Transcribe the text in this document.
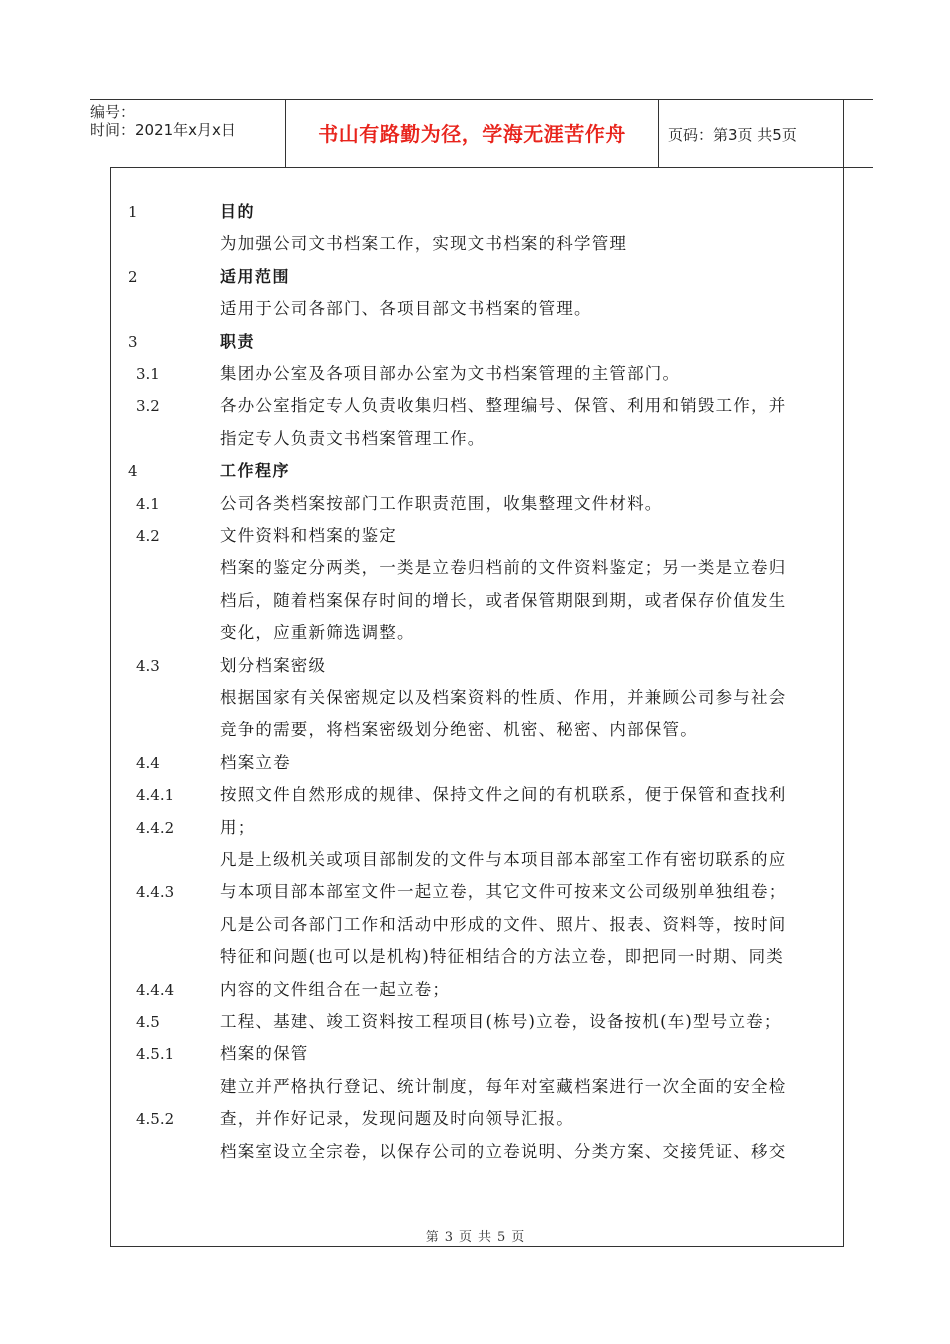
编号：
时间：2021年x月x日	书山有路勤为径，学海无涯苦作舟	页码：第3页 共5页
1	目的
为加强公司文书档案工作，实现文书档案的科学管理
2	适用范围
适用于公司各部门、各项目部文书档案的管理。
3	职责
3.1	集团办公室及各项目部办公室为文书档案管理的主管部门。
3.2	各办公室指定专人负责收集归档、整理编号、保管、利用和销毁工作，并
指定专人负责文书档案管理工作。
4	工作程序
4.1	公司各类档案按部门工作职责范围，收集整理文件材料。
4.2	文件资料和档案的鉴定
档案的鉴定分两类，一类是立卷归档前的文件资料鉴定；另一类是立卷归
档后，随着档案保存时间的增长，或者保管期限到期，或者保存价值发生
变化，应重新筛选调整。
4.3	划分档案密级
根据国家有关保密规定以及档案资料的性质、作用，并兼顾公司参与社会
竞争的需要，将档案密级划分绝密、机密、秘密、内部保管。
4.4	档案立卷
4.4.1	按照文件自然形成的规律、保持文件之间的有机联系，便于保管和查找利
4.4.2	用；
凡是上级机关或项目部制发的文件与本项目部本部室工作有密切联系的应
4.4.3	与本项目部本部室文件一起立卷，其它文件可按来文公司级别单独组卷；
凡是公司各部门工作和活动中形成的文件、照片、报表、资料等，按时间
特征和问题(也可以是机构)特征相结合的方法立卷，即把同一时期、同类
4.4.4	内容的文件组合在一起立卷；
4.5	工程、基建、竣工资料按工程项目(栋号)立卷，设备按机(车)型号立卷；
4.5.1	档案的保管
建立并严格执行登记、统计制度，每年对室藏档案进行一次全面的安全检
4.5.2	查，并作好记录，发现问题及时向领导汇报。
档案室设立全宗卷，以保存公司的立卷说明、分类方案、交接凭证、移交
第 3 页 共 5 页
